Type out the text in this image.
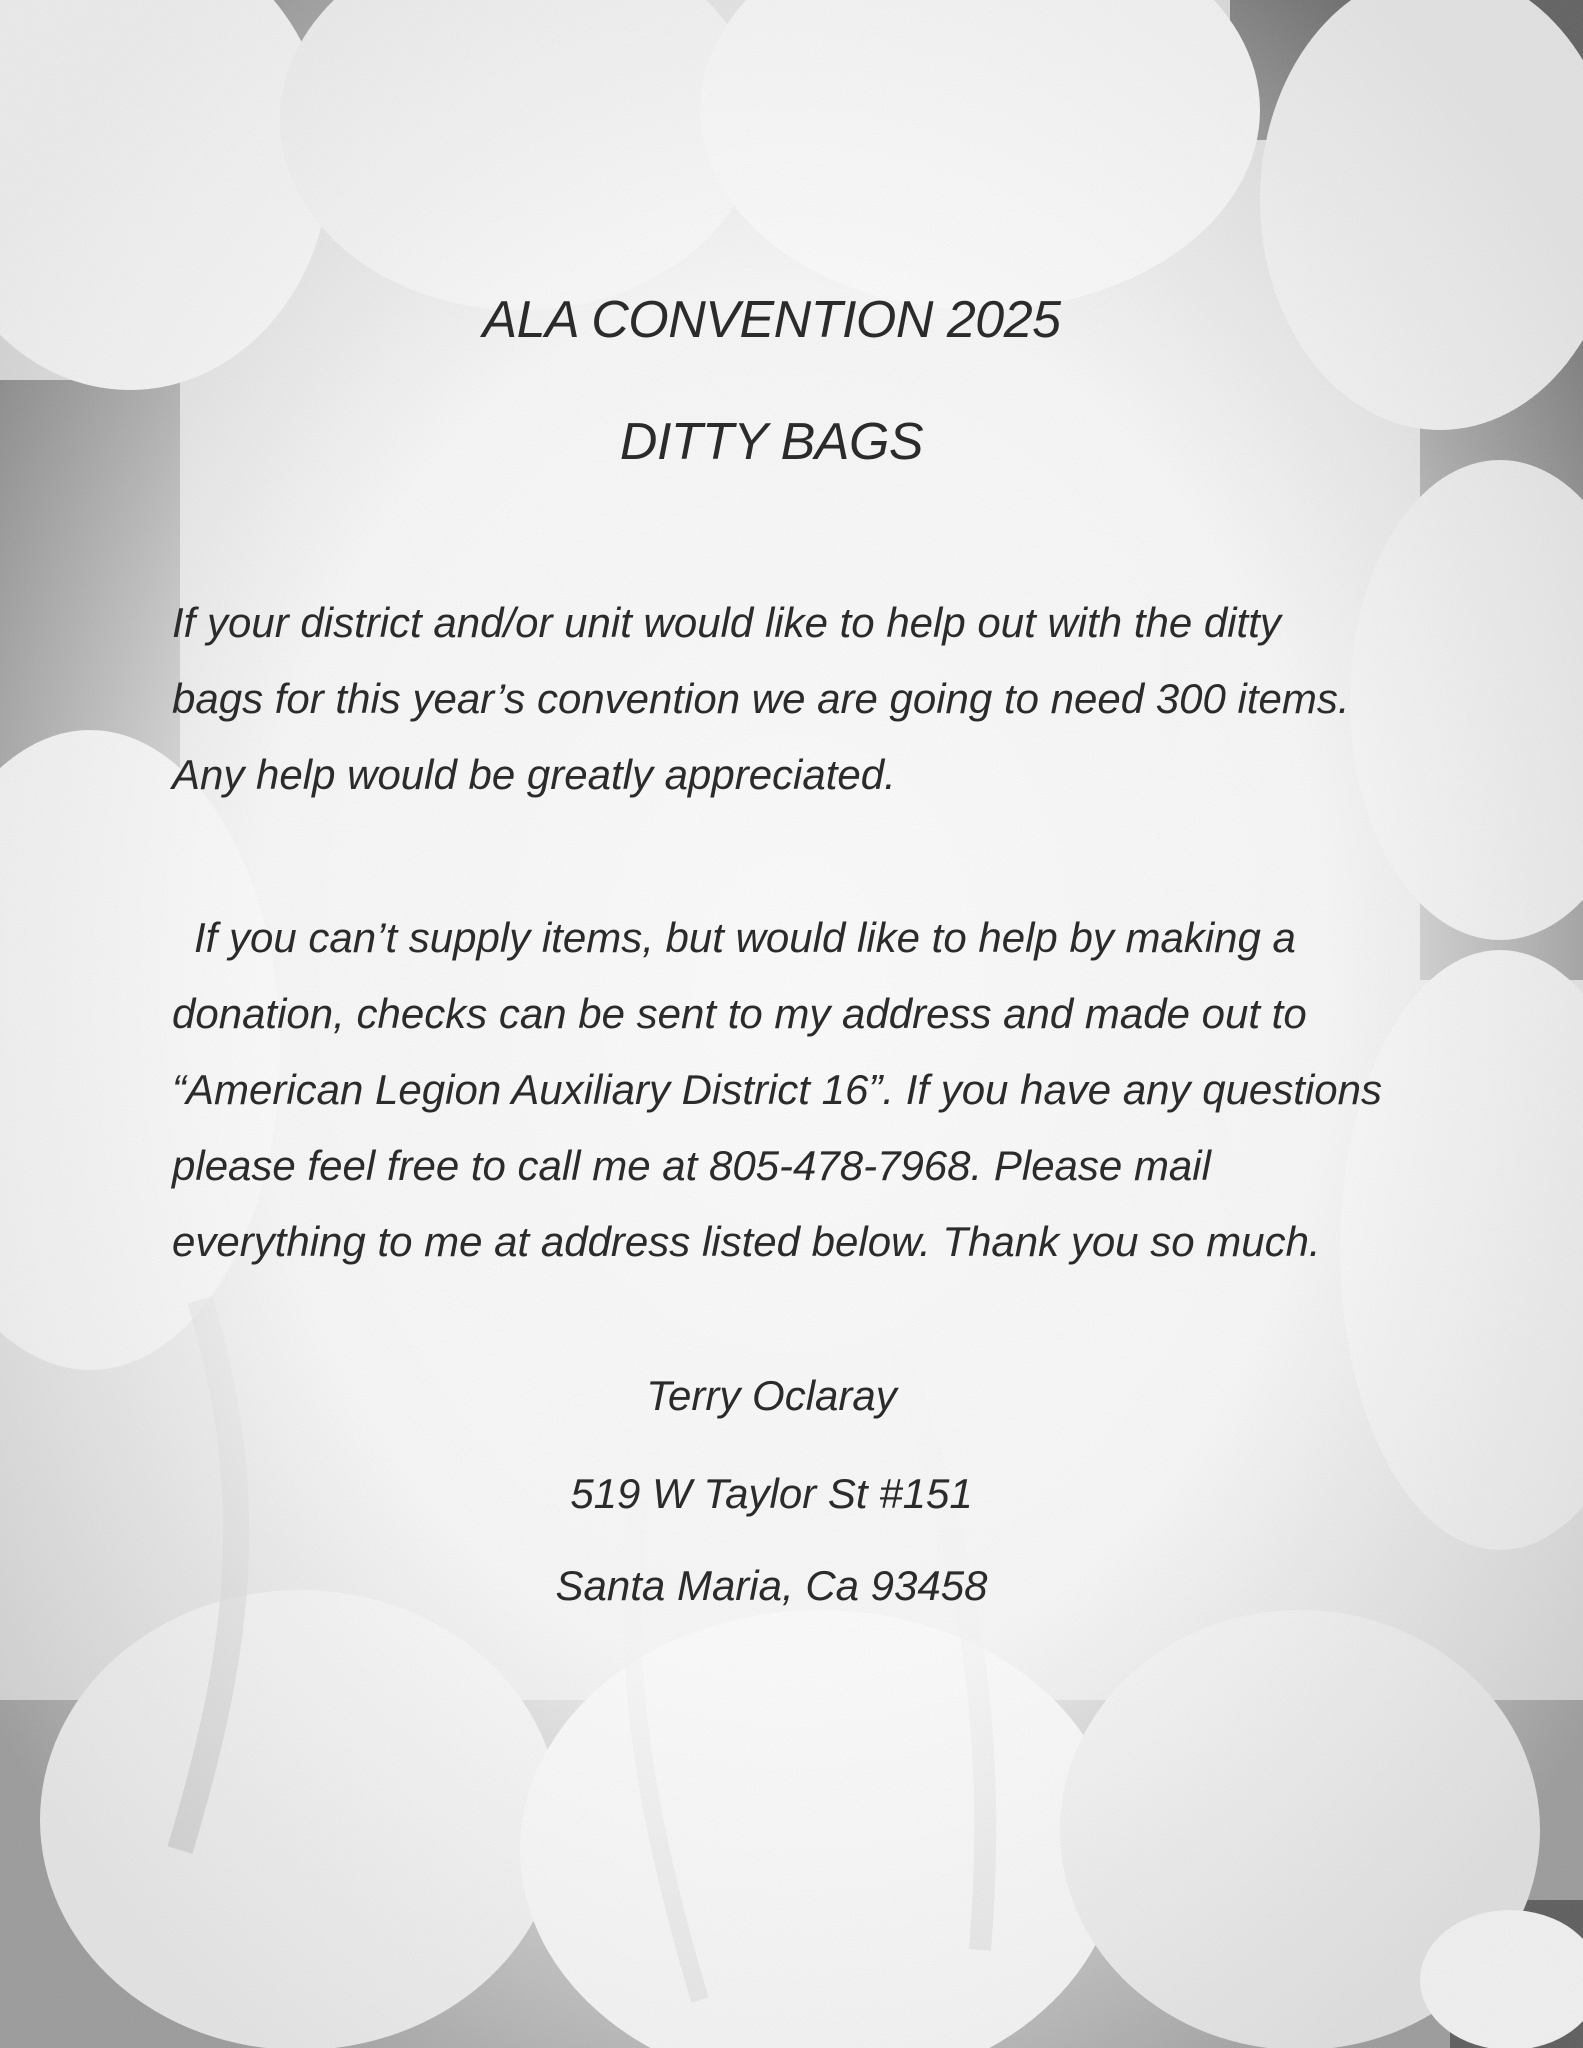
ALA CONVENTION 2025
DITTY BAGS

If your district and/or unit would like to help out with the ditty bags for this year’s convention we are going to need 300 items. Any help would be greatly appreciated.

If you can’t supply items, but would like to help by making a donation, checks can be sent to my address and made out to “American Legion Auxiliary District 16”. If you have any questions please feel free to call me at 805-478-7968. Please mail everything to me at address listed below. Thank you so much.

Terry Oclaray

519 W Taylor St #151

Santa Maria, Ca 93458
